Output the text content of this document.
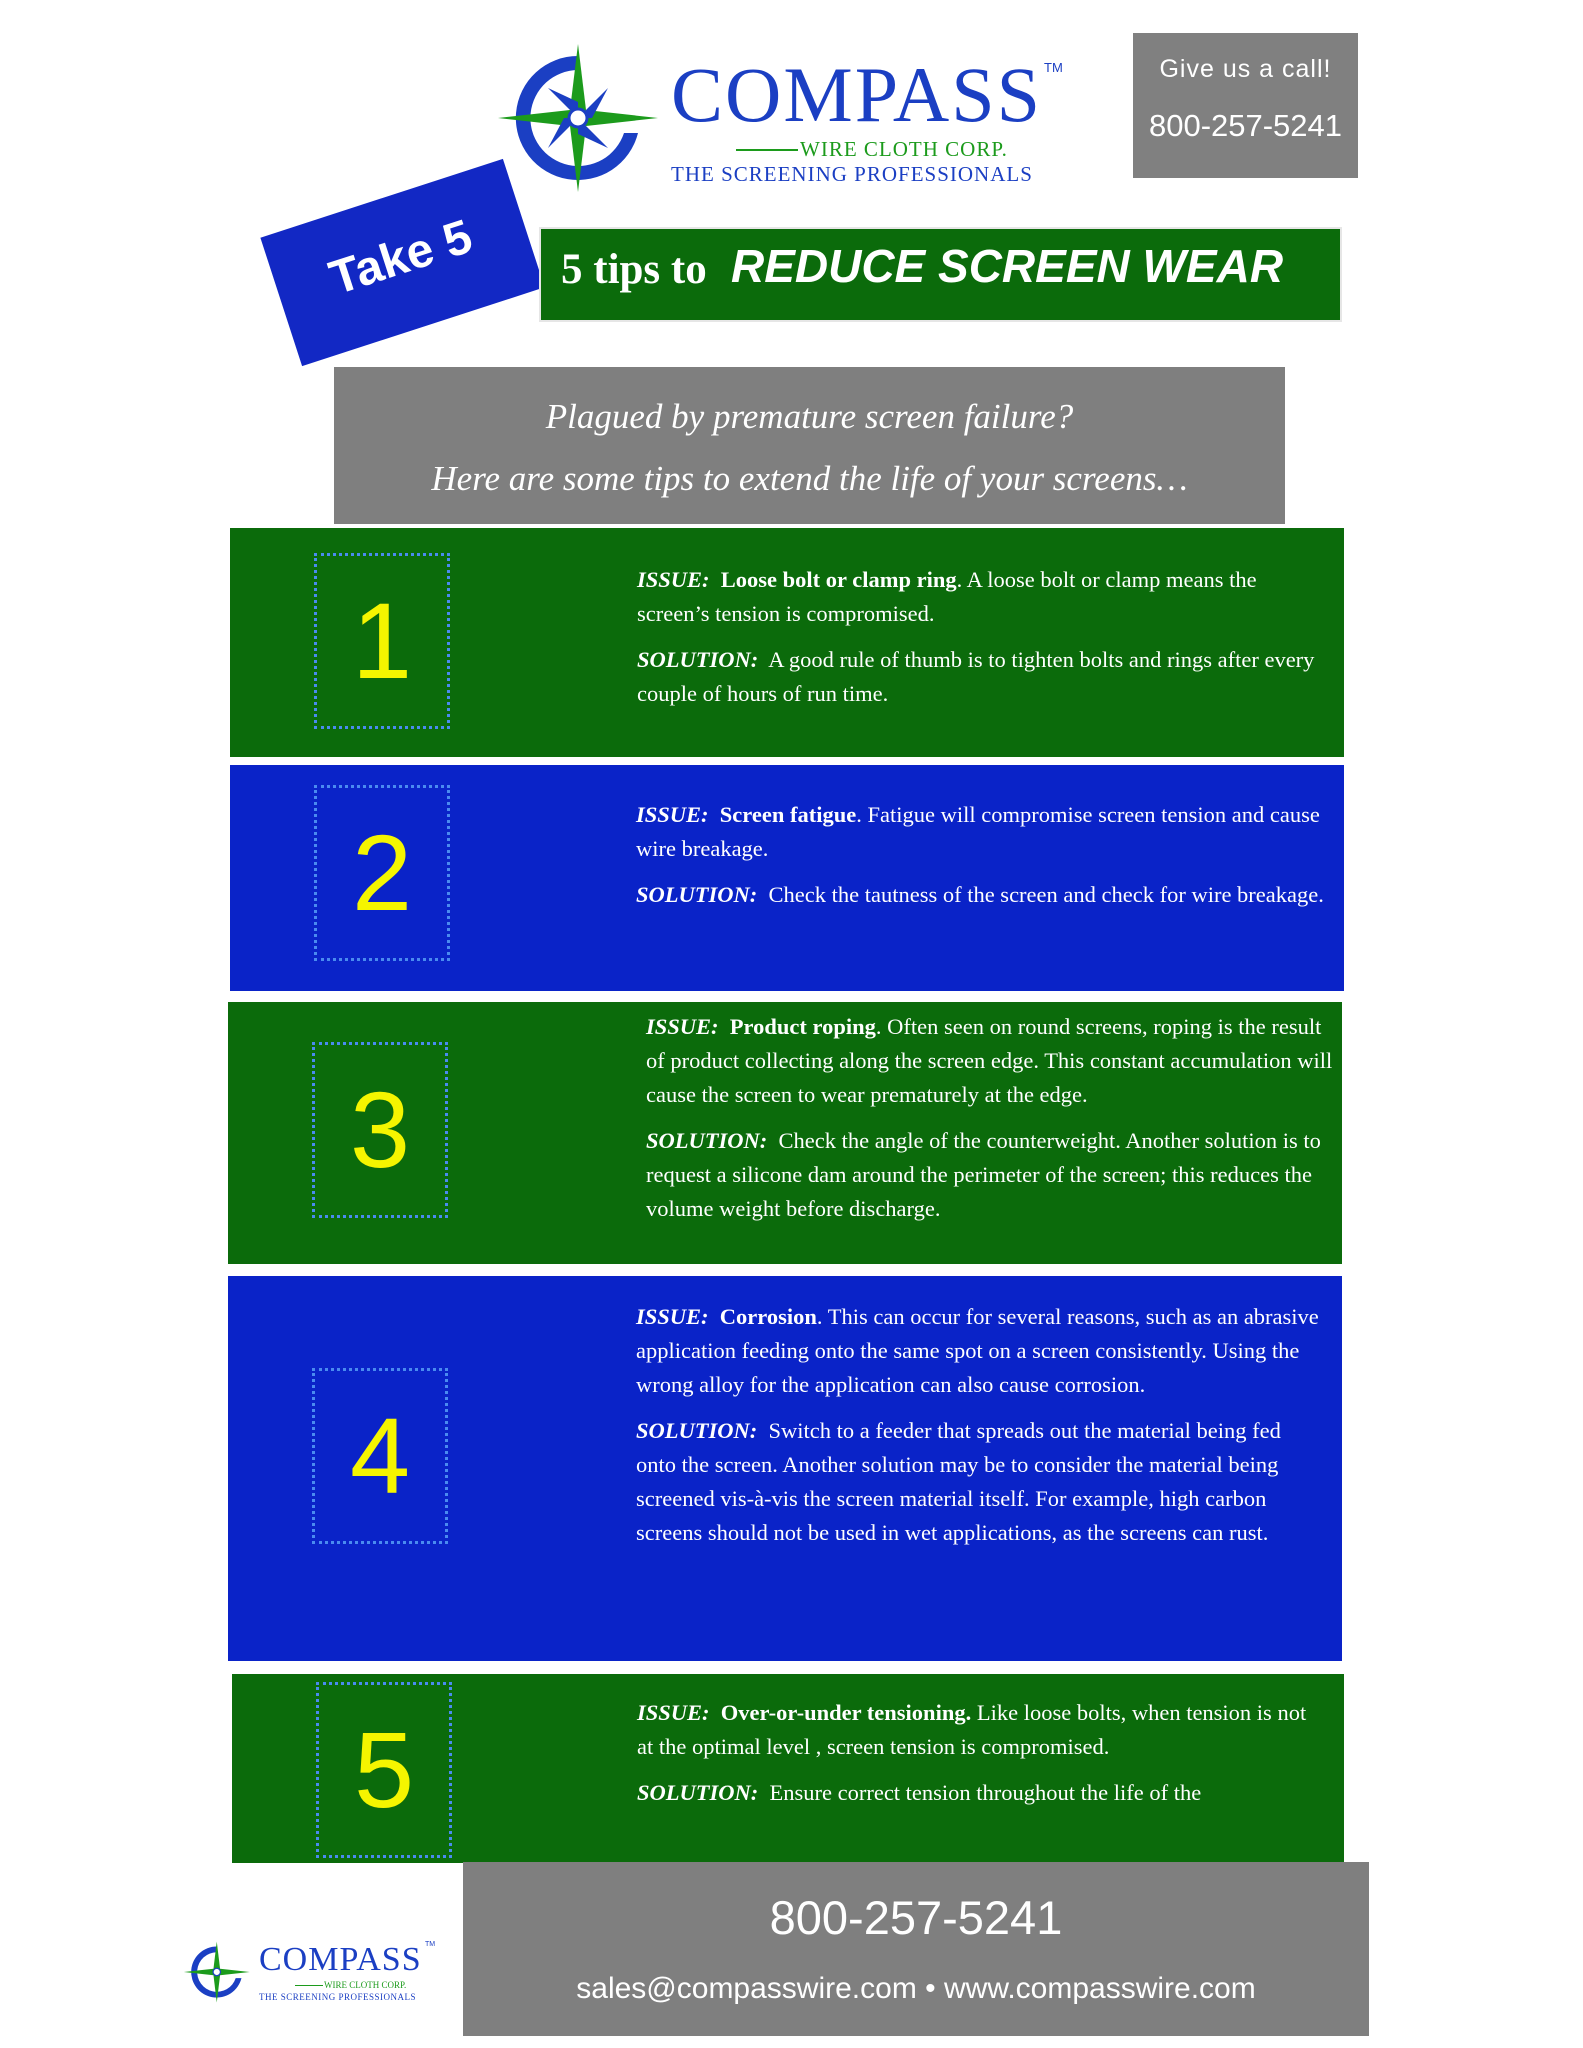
COMPASS TM
WIRE CLOTH CORP.
THE SCREENING PROFESSIONALS
Give us a call!
800-257-5241
Take 5	5 tips to REDUCE SCREEN WEAR
Plagued by premature screen failure?
Here are some tips to extend the life of your screens…
1

ISSUE: Loose bolt or clamp ring. A loose bolt or clamp means the screen’s tension is compromised.

SOLUTION: A good rule of thumb is to tighten bolts and rings after every couple of hours of run time.

2	ISSUE: Screen fatigue. Fatigue will compromise screen tension and cause wire breakage.

SOLUTION: Check the tautness of the screen and check for wire breakage.

3

ISSUE: Product roping. Often seen on round screens, roping is the result of product collecting along the screen edge. This constant accumulation will cause the screen to wear prematurely at the edge.

SOLUTION: Check the angle of the counterweight. Another solution is to request a silicone dam around the perimeter of the screen; this reduces the volume weight before discharge.

4

ISSUE: Corrosion. This can occur for several reasons, such as an abrasive application feeding onto the same spot on a screen consistently. Using the wrong alloy for the application can also cause corrosion.

SOLUTION: Switch to a feeder that spreads out the material being fed onto the screen. Another solution may be to consider the material being screened vis-à-vis the screen material itself. For example, high carbon screens should not be used in wet applications, as the screens can rust.

5	ISSUE: Over-or-under tensioning. Like loose bolts, when tension is not at the optimal level , screen tension is compromised.

SOLUTION: Ensure correct tension throughout the life of the

800-257-5241
sales@compasswire.com • www.compasswire.com
COMPASS TM
WIRE CLOTH CORP.
THE SCREENING PROFESSIONALS
